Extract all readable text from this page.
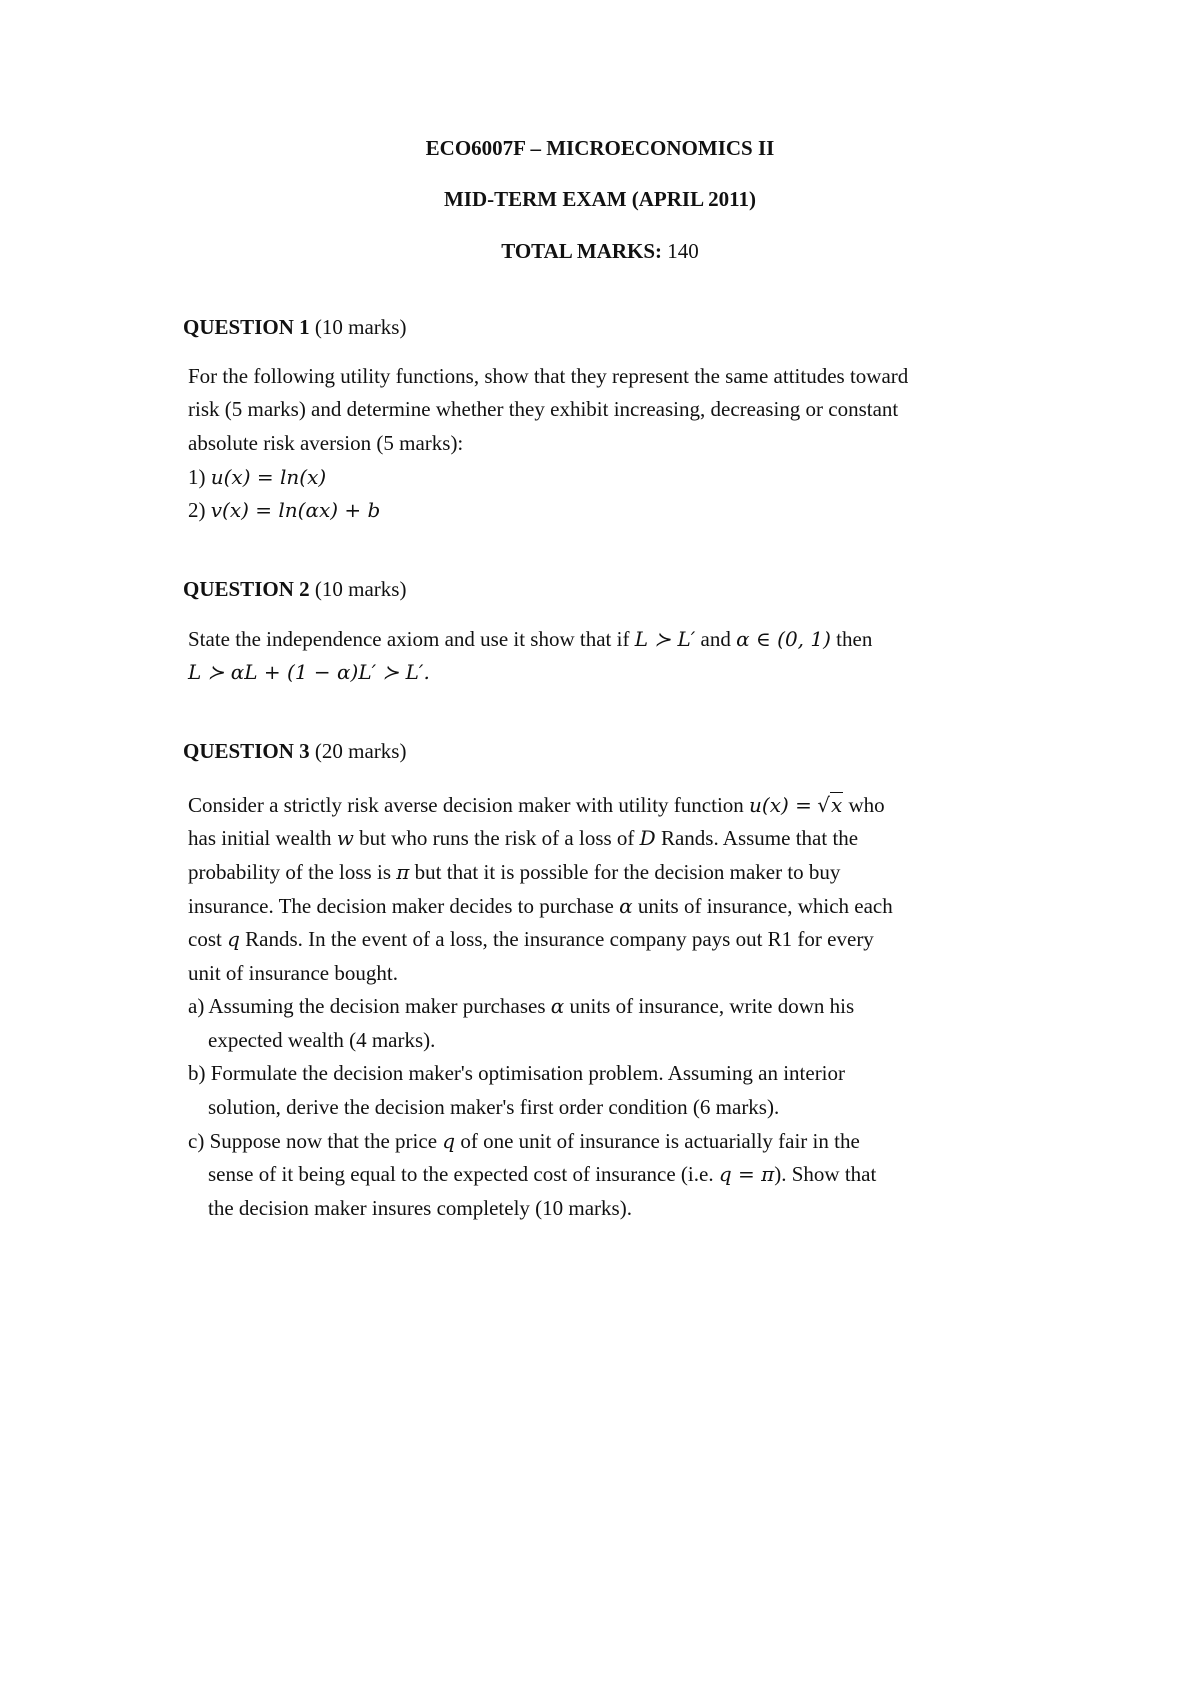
ECO6007F – MICROECONOMICS II
MID-TERM EXAM (APRIL 2011)
TOTAL MARKS: 140
QUESTION 1 (10 marks)
For the following utility functions, show that they represent the same attitudes toward
risk (5 marks) and determine whether they exhibit increasing, decreasing or constant
absolute risk aversion (5 marks):
1) u(x) = ln(x)
2) v(x) = ln(αx) + b
QUESTION 2 (10 marks)
State the independence axiom and use it show that if L ≻ L′ and α ∈ (0, 1) then
L ≻ αL + (1 − α)L′ ≻ L′.
QUESTION 3 (20 marks)
Consider a strictly risk averse decision maker with utility function u(x) = √x who
has initial wealth w but who runs the risk of a loss of D Rands. Assume that the
probability of the loss is π but that it is possible for the decision maker to buy
insurance. The decision maker decides to purchase α units of insurance, which each
cost q Rands. In the event of a loss, the insurance company pays out R1 for every
unit of insurance bought.
a) Assuming the decision maker purchases α units of insurance, write down his
expected wealth (4 marks).
b) Formulate the decision maker's optimisation problem. Assuming an interior
solution, derive the decision maker's first order condition (6 marks).
c) Suppose now that the price q of one unit of insurance is actuarially fair in the
sense of it being equal to the expected cost of insurance (i.e. q = π). Show that
the decision maker insures completely (10 marks).
